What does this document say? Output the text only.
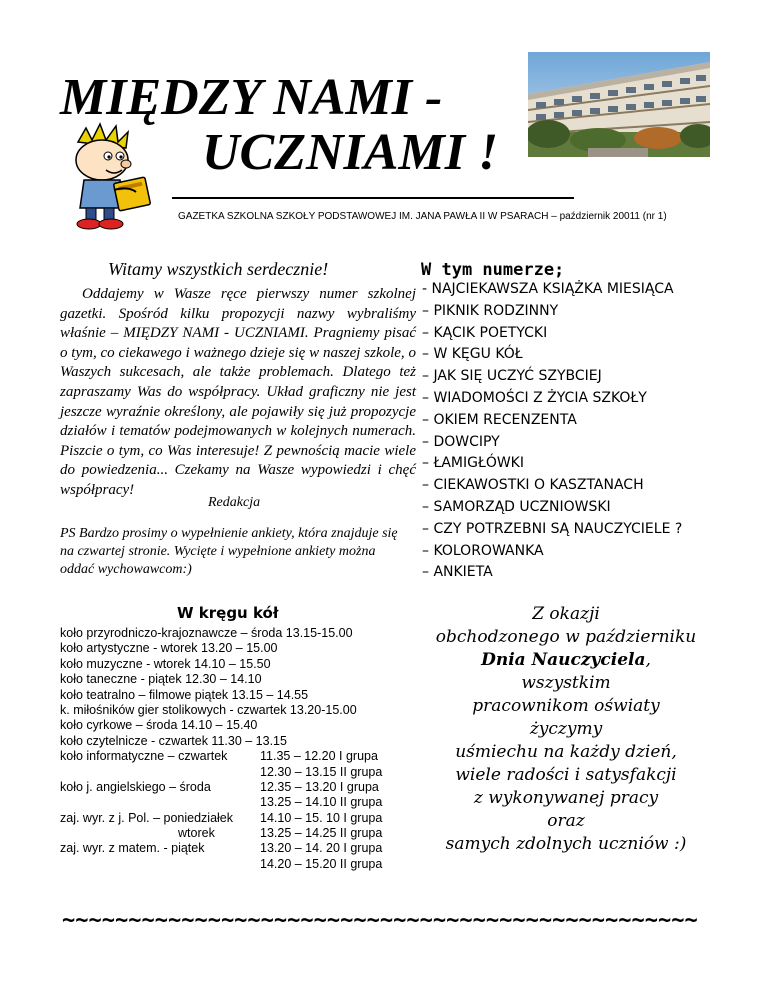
MIĘDZY NAMI -
UCZNIAMI !
GAZETKA SZKOLNA SZKOŁY PODSTAWOWEJ IM. JANA PAWŁA II W PSARACH – październik 20011 (nr 1)
Witamy wszystkich serdecznie!
Oddajemy w Wasze ręce pierwszy numer szkolnej gazetki. Spośród kilku propozycji nazwy wybraliśmy właśnie – MIĘDZY NAMI - UCZNIAMI. Pragniemy pisać o tym, co ciekawego i ważnego dzieje się w naszej szkole, o Waszych sukcesach, ale także problemach. Dlatego też zapraszamy Was do współpracy. Układ graficzny nie jest jeszcze wyraźnie określony, ale pojawiły się już propozycje działów i tematów podejmowanych w kolejnych numerach. Piszcie o tym, co Was interesuje! Z pewnością macie wiele do powiedzenia... Czekamy na Wasze wypowiedzi i chęć współpracy!
Redakcja
PS Bardzo prosimy o wypełnienie ankiety, która znajduje się na czwartej stronie. Wycięte i wypełnione ankiety można oddać wychowawcom:)
W tym numerze;
- NAJCIEKAWSZA KSIĄŻKA MIESIĄCA
– PIKNIK RODZINNY
– KĄCIK POETYCKI
– W KĘGU KÓŁ
– JAK SIĘ UCZYĆ SZYBCIEJ
– WIADOMOŚCI Z ŻYCIA SZKOŁY
– OKIEM RECENZENTA
– DOWCIPY
– ŁAMIGŁÓWKI
– CIEKAWOSTKI O KASZTANACH
– SAMORZĄD UCZNIOWSKI
– CZY POTRZEBNI SĄ NAUCZYCIELE ?
– KOLOROWANKA
– ANKIETA
W kręgu kół
koło przyrodniczo-krajoznawcze – środa 13.15-15.00
koło artystyczne - wtorek 13.20 – 15.00
koło muzyczne - wtorek 14.10 – 15.50
koło taneczne - piątek 12.30 – 14.10
koło teatralno – filmowe piątek 13.15 – 14.55
k. miłośników gier stolikowych - czwartek 13.20-15.00
koło cyrkowe – środa 14.10 – 15.40
koło czytelnicze - czwartek 11.30 – 13.15
koło informatyczne – czwartek	11.35 – 12.20 I grupa
12.30 – 13.15 II grupa
koło j. angielskiego – środa	12.35 – 13.20 I grupa
13.25 – 14.10 II grupa
zaj. wyr. z j. Pol. – poniedziałek 14.10 – 15. 10 I grupa
wtorek	13.25 – 14.25 II grupa
zaj. wyr. z matem. - piątek	13.20 – 14. 20 I grupa
14.20 – 15.20 II grupa
Z okazji
obchodzonego w październiku
Dnia Nauczyciela,
wszystkim
pracownikom oświaty
życzymy
uśmiechu na każdy dzień,
wiele radości i satysfakcji
z wykonywanej pracy
oraz
samych zdolnych uczniów :)
~~~~~~~~~~~~~~~~~~~~~~~~~~~~~~~~~~~~~~~~~~~~~~~~
